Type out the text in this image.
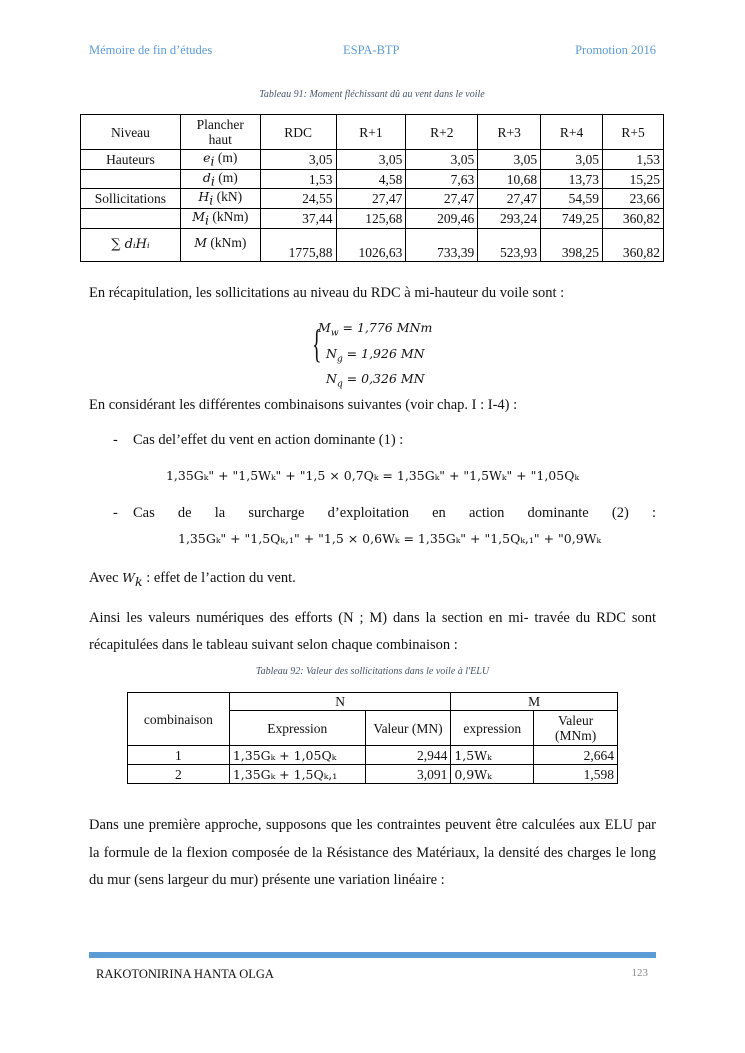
Mémoire de fin d’études	ESPA-BTP	Promotion 2016
Tableau 91: Moment fléchissant dû au vent dans le voile
Niveau	Plancher haut	RDC	R+1	R+2	R+3	R+4	R+5
Hauteurs	$e_i$ (m)	3,05	3,05	3,05	3,05	3,05	1,53
	$d_i$ (m)	1,53	4,58	7,63	10,68	13,73	15,25
Sollicitations	$H_i$ (kN)	24,55	27,47	27,47	27,47	54,59	23,66
	$M_i$ (kNm)	37,44	125,68	209,46	293,24	749,25	360,82
∑ dᵢHᵢ	M (kNm)	1775,88	1026,63	733,39	523,93	398,25	360,82
En récapitulation, les sollicitations au niveau du RDC à mi-hauteur du voile sont :
{
$M_w = 1,776$ MNm
$N_g = 1,926$ MN
$N_q = 0,326$ MN
En considérant les différentes combinaisons suivantes (voir chap. I : I-4) :
-	Cas del’effet du vent en action dominante (1) :
1,35Gₖ" + "1,5Wₖ" + "1,5 × 0,7Qₖ = 1,35Gₖ" + "1,5Wₖ" + "1,05Qₖ
-	Cas de la surcharge d’exploitation en action dominante (2) :
1,35Gₖ" + "1,5Qₖ,₁" + "1,5 × 0,6Wₖ = 1,35Gₖ" + "1,5Qₖ,₁" + "0,9Wₖ
Avec $W_k$ : effet de l’action du vent.
Ainsi les valeurs numériques des efforts (N ; M) dans la section en mi- travée du RDC sont récapitulées dans le tableau suivant selon chaque combinaison :
Tableau 92: Valeur des sollicitations dans le voile à l'ELU
combinaison	N		M	
	Expression	Valeur (MN)	expression	Valeur (MNm)
1	1,35Gₖ + 1,05Qₖ	2,944	1,5Wₖ	2,664
2	1,35Gₖ + 1,5Qₖ,₁	3,091	0,9Wₖ	1,598
Dans une première approche, supposons que les contraintes peuvent être calculées aux ELU par la formule de la flexion composée de la Résistance des Matériaux, la densité des charges le long du mur (sens largeur du mur) présente une variation linéaire :
RAKOTONIRINA HANTA OLGA	123
